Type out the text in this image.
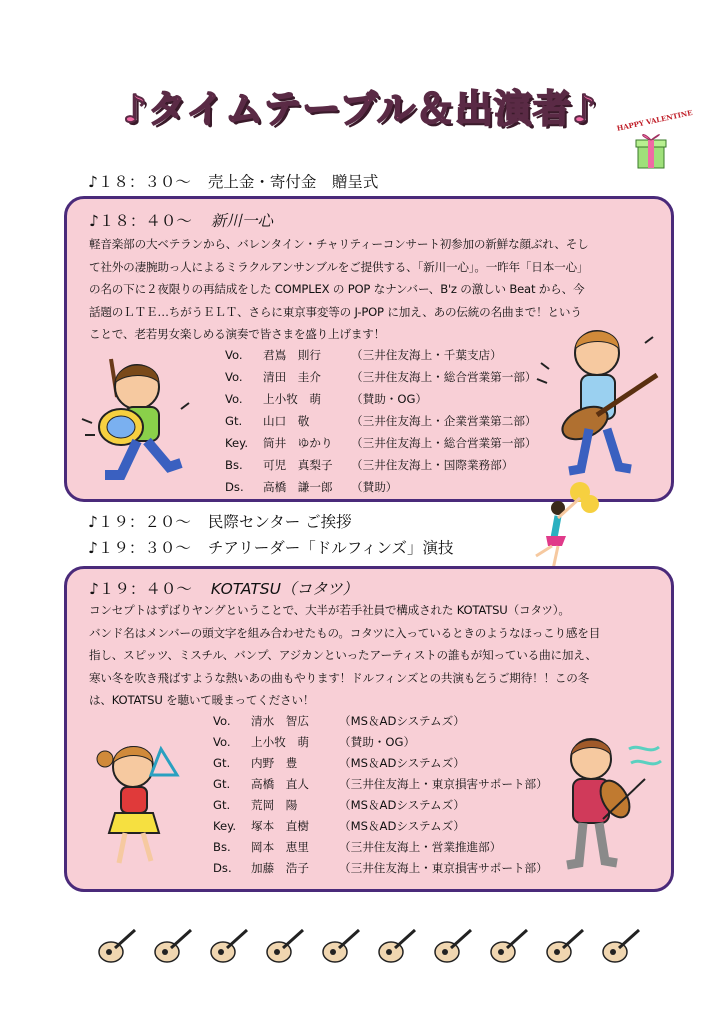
♪タイムテーブル＆出演者♪	HAPPY VALENTINE
♪１８：３０～ 売上金・寄付金　贈呈式
♪１８：４０～ 新川一心
軽音楽部の大ベテランから、バレンタイン・チャリティーコンサート初参加の新鮮な顔ぶれ、そし
て社外の凄腕助っ人によるミラクルアンサンブルをご提供する、「新川一心」。一昨年「日本一心」
の名の下に２夜限りの再結成をした COMPLEX の POP なナンバー、B'z の激しい Beat から、今
話題のＬＴＥ…ちがうＥＬＴ、さらに東京事変等の J-POP に加え、あの伝統の名曲まで！という
ことで、老若男女楽しめる演奏で皆さまを盛り上げます！
Vo. 君嶌　則行	（三井住友海上・千葉支店）
Vo. 清田　圭介	（三井住友海上・総合営業第一部）
Vo. 上小牧　萌	（賛助・OG）
Gt. 山口　敬	（三井住友海上・企業営業第二部）
Key. 筒井　ゆかり （三井住友海上・総合営業第一部）
Bs. 可児　真梨子 （三井住友海上・国際業務部）
Ds. 高橋　謙一郎 （賛助）
♪１９：２０～ 民際センター ご挨拶
♪１９：３０～ チアリーダー「ドルフィンズ」演技
♪１９：４０～ KOTATSU（コタツ）
コンセプトはずばりヤングということで、大半が若手社員で構成された KOTATSU（コタツ）。
バンド名はメンバーの頭文字を組み合わせたもの。コタツに入っているときのようなほっこり感を目
指し、スピッツ、ミスチル、バンプ、アジカンといったアーティストの誰もが知っている曲に加え、
寒い冬を吹き飛ばすような熱いあの曲もやります！ドルフィンズとの共演も乞うご期待！！この冬
は、KOTATSU を聴いて暖まってください！
Vo. 清水　智広	（MS＆ADシステムズ）
Vo. 上小牧　萌	（賛助・OG）
Gt. 内野　豊	（MS＆ADシステムズ）
Gt. 高橋　直人	（三井住友海上・東京損害サポート部）
Gt. 荒岡　陽	（MS＆ADシステムズ）
Key. 塚本　直樹	（MS＆ADシステムズ）
Bs. 岡本　恵里	（三井住友海上・営業推進部）
Ds. 加藤　浩子	（三井住友海上・東京損害サポート部）
